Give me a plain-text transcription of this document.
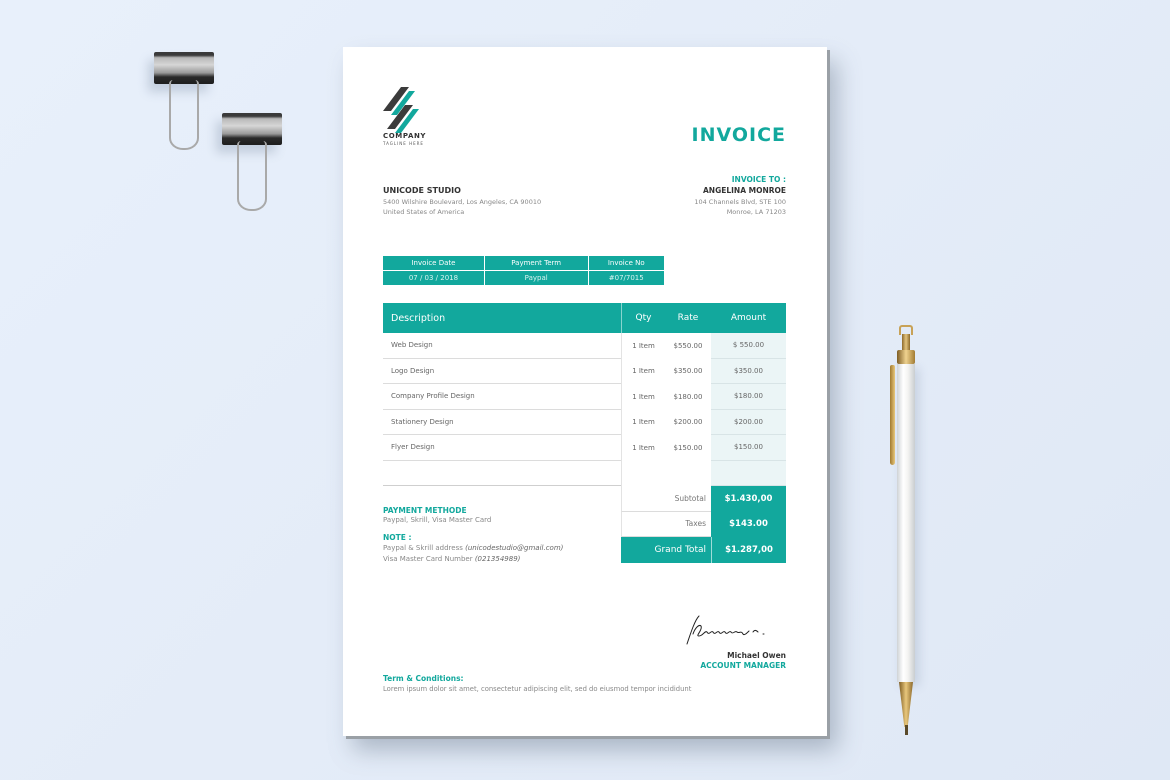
COMPANY
TAGLINE HERE	INVOICE
UNICODE STUDIO
5400 Wilshire Boulevard, Los Angeles, CA 90010
United States of America
INVOICE TO :
ANGELINA MONROE
104 Channels Blvd, STE 100
Monroe, LA 71203
Invoice Date	Payment Term	Invoice No
07 / 03 / 2018	Paypal	#07/7015
Description	Qty	Rate	Amount
Web Design	1 Item	$550.00	$ 550.00
Logo Design	1 Item	$350.00	$350.00
Company Profile Design	1 Item	$180.00	$180.00
Stationery Design	1 Item	$200.00	$200.00
Flyer Design	1 Item	$150.00	$150.00
Subtotal	$1.430,00
Taxes	$143.00
Grand Total	$1.287,00
PAYMENT METHODE
Paypal, Skrill, Visa Master Card
NOTE :
Paypal & Skrill address (unicodestudio@gmail.com)
Visa Master Card Number (021354989)
Michael Owen
ACCOUNT MANAGER
Term & Conditions:
Lorem ipsum dolor sit amet, consectetur adipiscing elit, sed do eiusmod tempor incididunt
